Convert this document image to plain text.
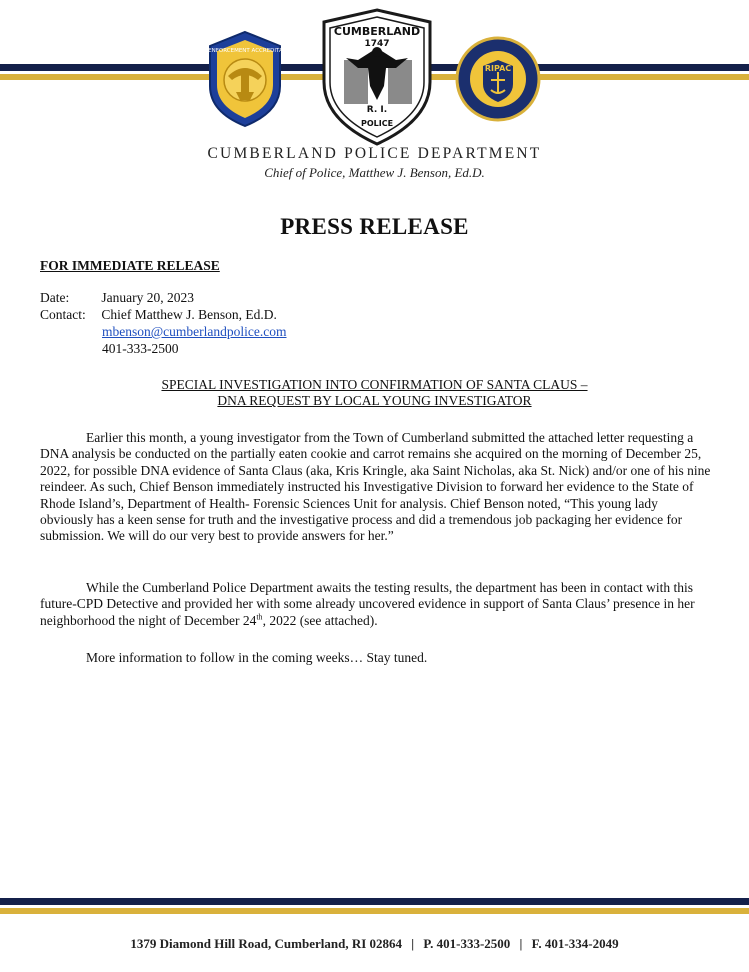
LAW ENFORCEMENT ACCREDITATION
CUMBERLAND
1747
R. I.
POLICE
RIPAC
CUMBERLAND POLICE DEPARTMENT
Chief of Police, Matthew J. Benson, Ed.D.
PRESS RELEASE
FOR IMMEDIATE RELEASE
Date: January 20, 2023
Contact: Chief Matthew J. Benson, Ed.D.
mbenson@cumberlandpolice.com
401-333-2500
SPECIAL INVESTIGATION INTO CONFIRMATION OF SANTA CLAUS –
DNA REQUEST BY LOCAL YOUNG INVESTIGATOR

Earlier this month, a young investigator from the Town of Cumberland submitted the attached letter requesting a DNA analysis be conducted on the partially eaten cookie and carrot remains she acquired on the morning of December 25, 2022, for possible DNA evidence of Santa Claus (aka, Kris Kringle, aka Saint Nicholas, aka St. Nick) and/or one of his nine reindeer. As such, Chief Benson immediately instructed his Investigative Division to forward her evidence to the State of Rhode Island’s, Department of Health- Forensic Sciences Unit for analysis. Chief Benson noted, “This young lady obviously has a keen sense for truth and the investigative process and did a tremendous job packaging her evidence for submission. We will do our very best to provide answers for her.”

While the Cumberland Police Department awaits the testing results, the department has been in contact with this future-CPD Detective and provided her with some already uncovered evidence in support of Santa Claus’ presence in her neighborhood the night of December 24th, 2022 (see attached).

More information to follow in the coming weeks… Stay tuned.

1379 Diamond Hill Road, Cumberland, RI 02864 | P. 401-333-2500 | F. 401-334-2049
